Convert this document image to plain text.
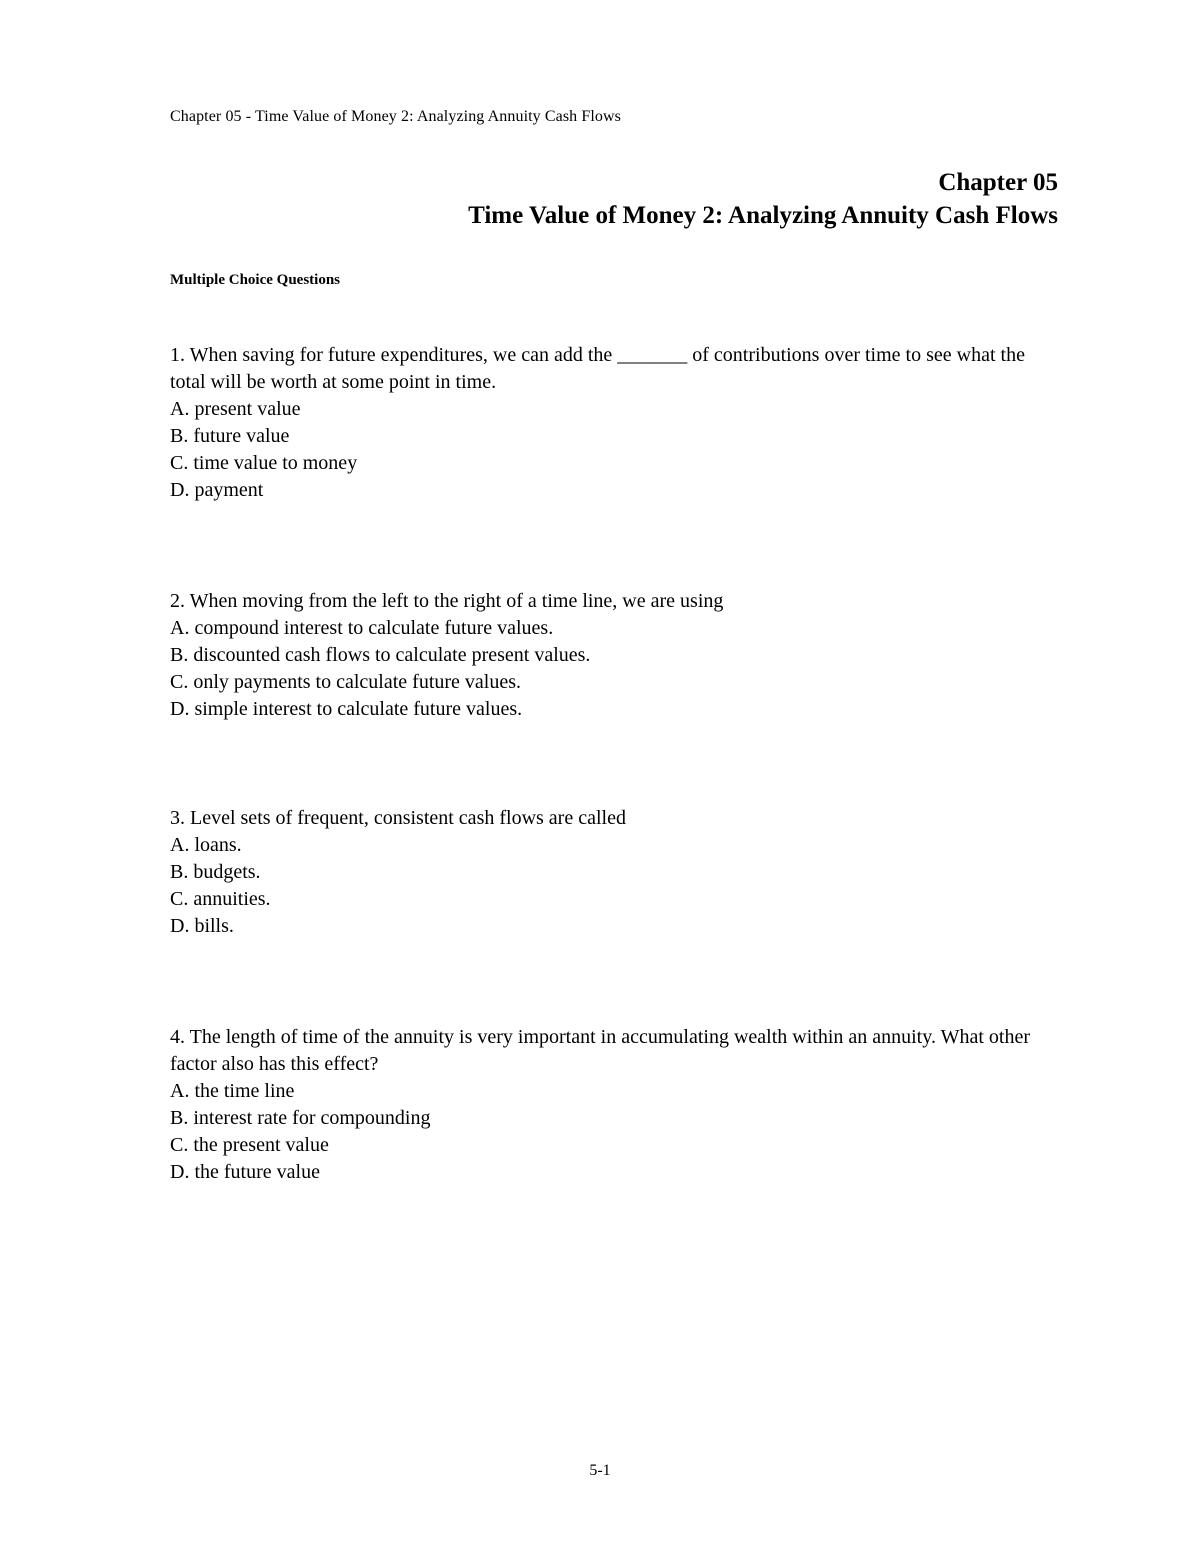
Chapter 05 - Time Value of Money 2: Analyzing Annuity Cash Flows
Chapter 05
Time Value of Money 2: Analyzing Annuity Cash Flows
Multiple Choice Questions

1. When saving for future expenditures, we can add the _______ of contributions over time to see what the total will be worth at some point in time.

A. present value

B. future value

C. time value to money

D. payment

2. When moving from the left to the right of a time line, we are using

A. compound interest to calculate future values.

B. discounted cash flows to calculate present values.

C. only payments to calculate future values.

D. simple interest to calculate future values.

3. Level sets of frequent, consistent cash flows are called

A. loans.

B. budgets.

C. annuities.

D. bills.

4. The length of time of the annuity is very important in accumulating wealth within an annuity. What other factor also has this effect?

A. the time line

B. interest rate for compounding

C. the present value

D. the future value

5-1
